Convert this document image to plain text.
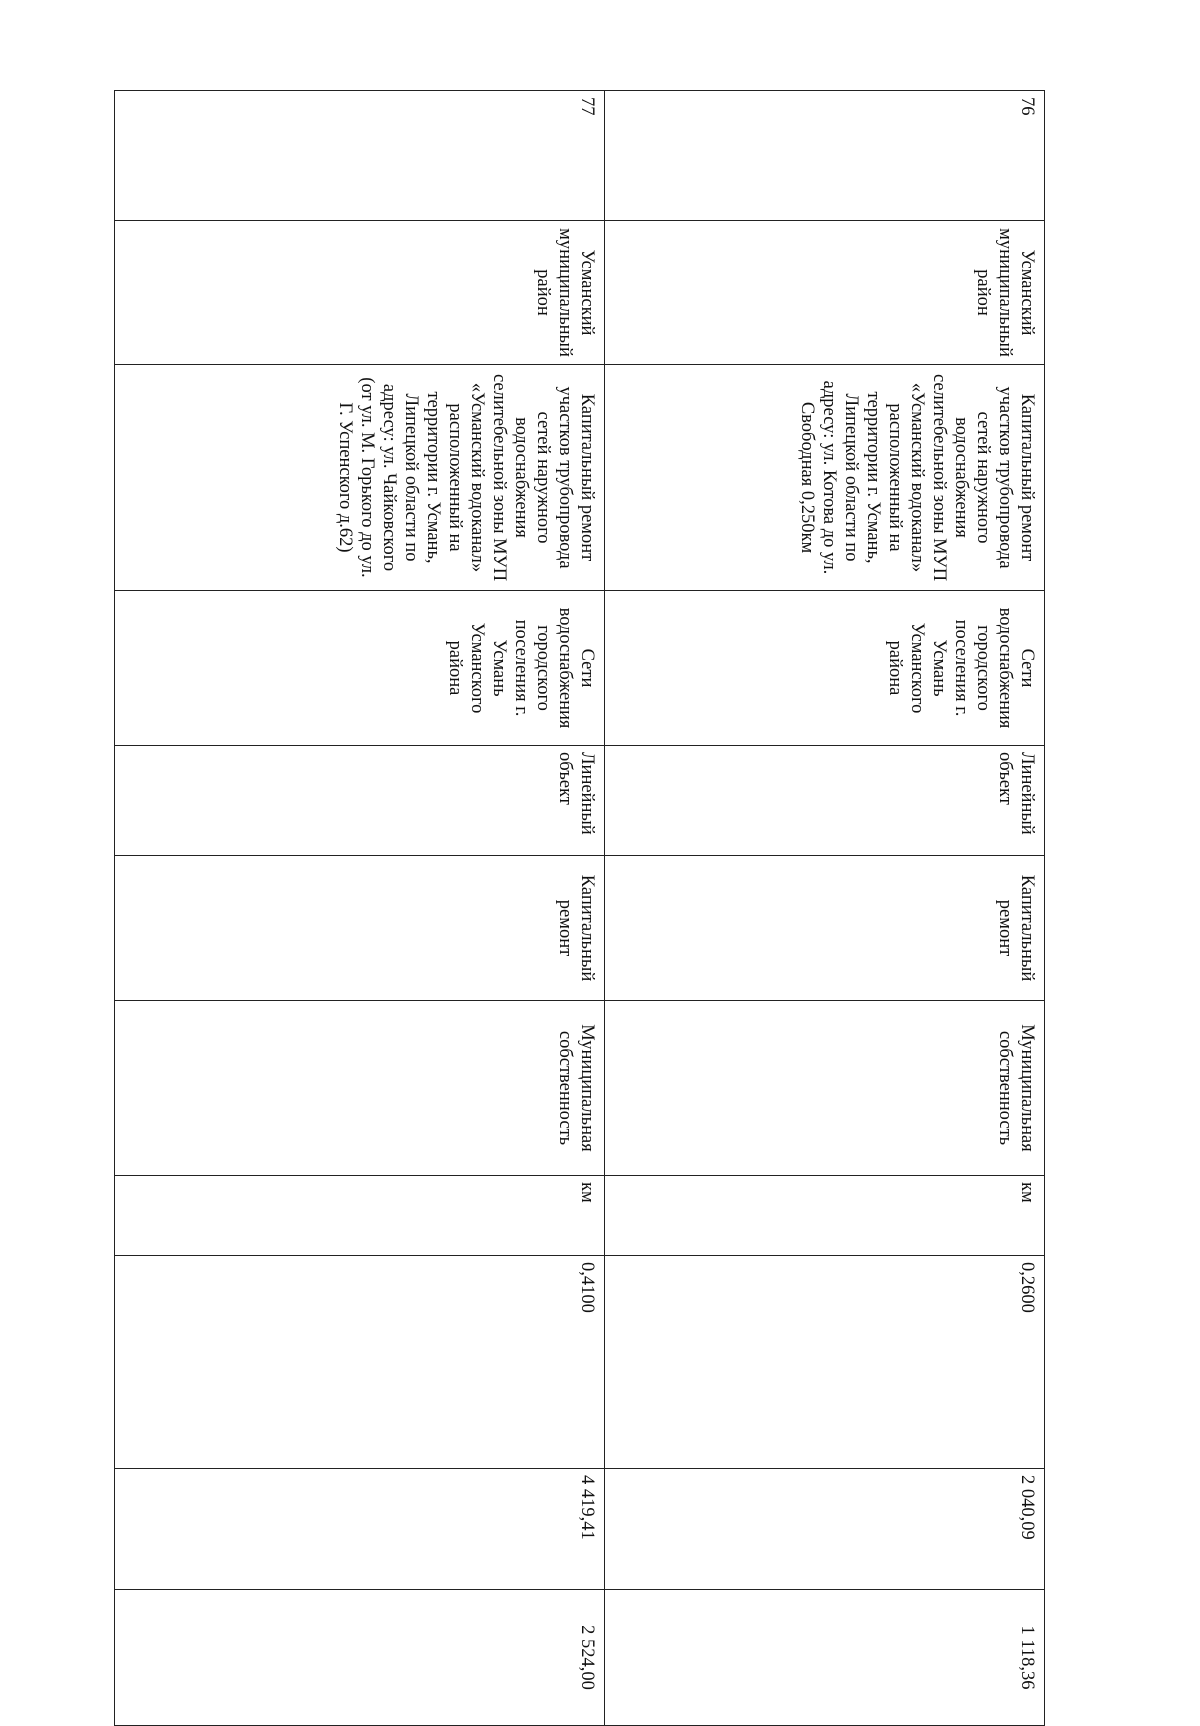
76	Усманский муниципальный район	Капитальный ремонт участков трубопровода сетей наружного водоснабжения селитебельной зоны МУП «Усманский водоканал» расположенный на территории г. Усмань, Липецкой области по адресу: ул. Котова до ул. Свободная 0,250км	Сети водоснабжения городского поселения г. Усмань Усманского района	Линейный объект	Капитальный ремонт	Муниципальная собственность	км	0,2600	2 040,09	1 118,36	
77	Усманский муниципальный район	Капитальный ремонт участков трубопровода сетей наружного водоснабжения селитебельной зоны МУП «Усманский водоканал» расположенный на территории г. Усмань, Липецкой области по адресу: ул. Чайковского (от ул. М. Горького до ул. Г. Успенского д.62)	Сети водоснабжения городского поселения г. Усмань Усманского района	Линейный объект	Капитальный ремонт	Муниципальная собственность	км	0,4100	4 419,41	2 524,00	
